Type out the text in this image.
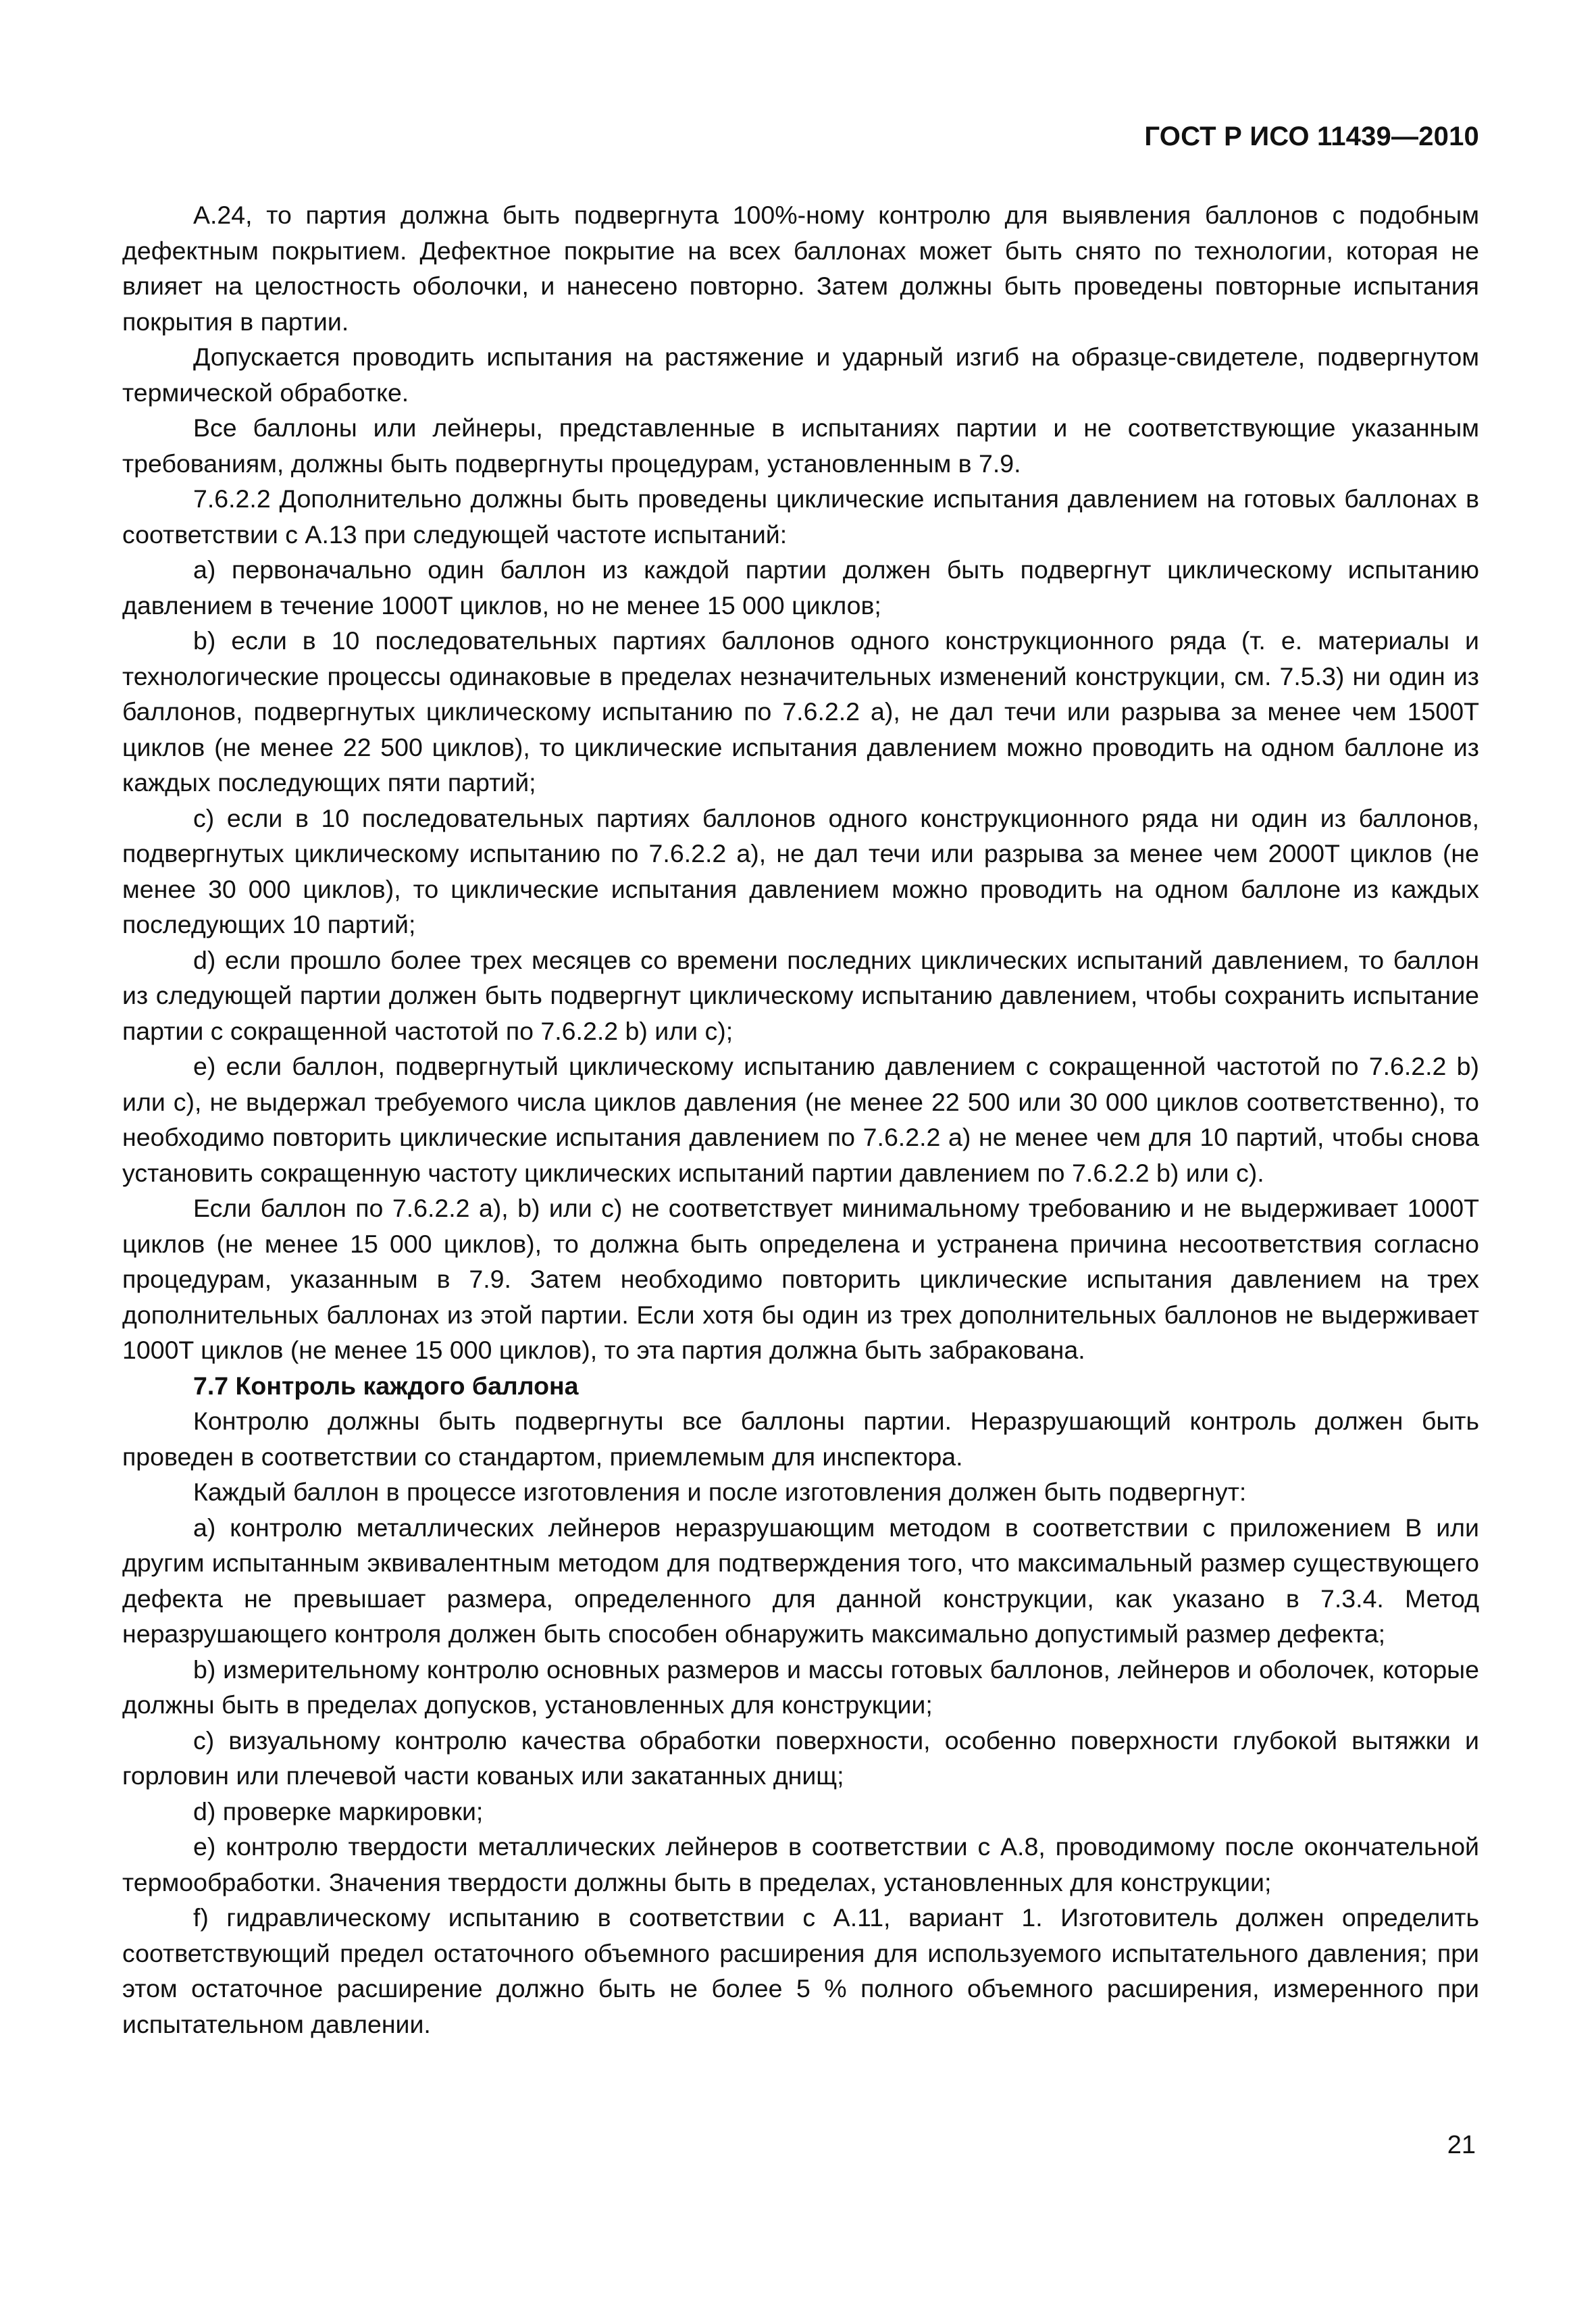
ГОСТ Р ИСО 11439—2010

А.24, то партия должна быть подвергнута 100%-ному контролю для выявления баллонов с подобным дефектным покрытием. Дефектное покрытие на всех баллонах может быть снято по технологии, которая не влияет на целостность оболочки, и нанесено повторно. Затем должны быть проведены повторные испытания покрытия в партии.

Допускается проводить испытания на растяжение и ударный изгиб на образце-свидетеле, подвергнутом термической обработке.

Все баллоны или лейнеры, представленные в испытаниях партии и не соответствующие указанным требованиям, должны быть подвергнуты процедурам, установленным в 7.9.

7.6.2.2 Дополнительно должны быть проведены циклические испытания давлением на готовых баллонах в соответствии с А.13 при следующей частоте испытаний:

a) первоначально один баллон из каждой партии должен быть подвергнут циклическому испытанию давлением в течение 1000T циклов, но не менее 15 000 циклов;

b) если в 10 последовательных партиях баллонов одного конструкционного ряда (т. е. материалы и технологические процессы одинаковые в пределах незначительных изменений конструкции, см. 7.5.3) ни один из баллонов, подвергнутых циклическому испытанию по 7.6.2.2 a), не дал течи или разрыва за менее чем 1500T циклов (не менее 22 500 циклов), то циклические испытания давлением можно проводить на одном баллоне из каждых последующих пяти партий;

c) если в 10 последовательных партиях баллонов одного конструкционного ряда ни один из баллонов, подвергнутых циклическому испытанию по 7.6.2.2 a), не дал течи или разрыва за менее чем 2000T циклов (не менее 30 000 циклов), то циклические испытания давлением можно проводить на одном баллоне из каждых последующих 10 партий;

d) если прошло более трех месяцев со времени последних циклических испытаний давлением, то баллон из следующей партии должен быть подвергнут циклическому испытанию давлением, чтобы сохранить испытание партии с сокращенной частотой по 7.6.2.2 b) или c);

e) если баллон, подвергнутый циклическому испытанию давлением с сокращенной частотой по 7.6.2.2 b) или c), не выдержал требуемого числа циклов давления (не менее 22 500 или 30 000 циклов соответственно), то необходимо повторить циклические испытания давлением по 7.6.2.2 a) не менее чем для 10 партий, чтобы снова установить сокращенную частоту циклических испытаний партии давлением по 7.6.2.2 b) или c).

Если баллон по 7.6.2.2 a), b) или c) не соответствует минимальному требованию и не выдерживает 1000T циклов (не менее 15 000 циклов), то должна быть определена и устранена причина несоответствия согласно процедурам, указанным в 7.9. Затем необходимо повторить циклические испытания давлением на трех дополнительных баллонах из этой партии. Если хотя бы один из трех дополнительных баллонов не выдерживает 1000T циклов (не менее 15 000 циклов), то эта партия должна быть забракована.

7.7 Контроль каждого баллона

Контролю должны быть подвергнуты все баллоны партии. Неразрушающий контроль должен быть проведен в соответствии со стандартом, приемлемым для инспектора.

Каждый баллон в процессе изготовления и после изготовления должен быть подвергнут:

a) контролю металлических лейнеров неразрушающим методом в соответствии с приложением В или другим испытанным эквивалентным методом для подтверждения того, что максимальный размер существующего дефекта не превышает размера, определенного для данной конструкции, как указано в 7.3.4. Метод неразрушающего контроля должен быть способен обнаружить максимально допустимый размер дефекта;

b) измерительному контролю основных размеров и массы готовых баллонов, лейнеров и оболочек, которые должны быть в пределах допусков, установленных для конструкции;

c) визуальному контролю качества обработки поверхности, особенно поверхности глубокой вытяжки и горловин или плечевой части кованых или закатанных днищ;

d) проверке маркировки;

e) контролю твердости металлических лейнеров в соответствии с А.8, проводимому после окончательной термообработки. Значения твердости должны быть в пределах, установленных для конструкции;

f) гидравлическому испытанию в соответствии с А.11, вариант 1. Изготовитель должен определить соответствующий предел остаточного объемного расширения для используемого испытательного давления; при этом остаточное расширение должно быть не более 5 % полного объемного расширения, измеренного при испытательном давлении.

21
